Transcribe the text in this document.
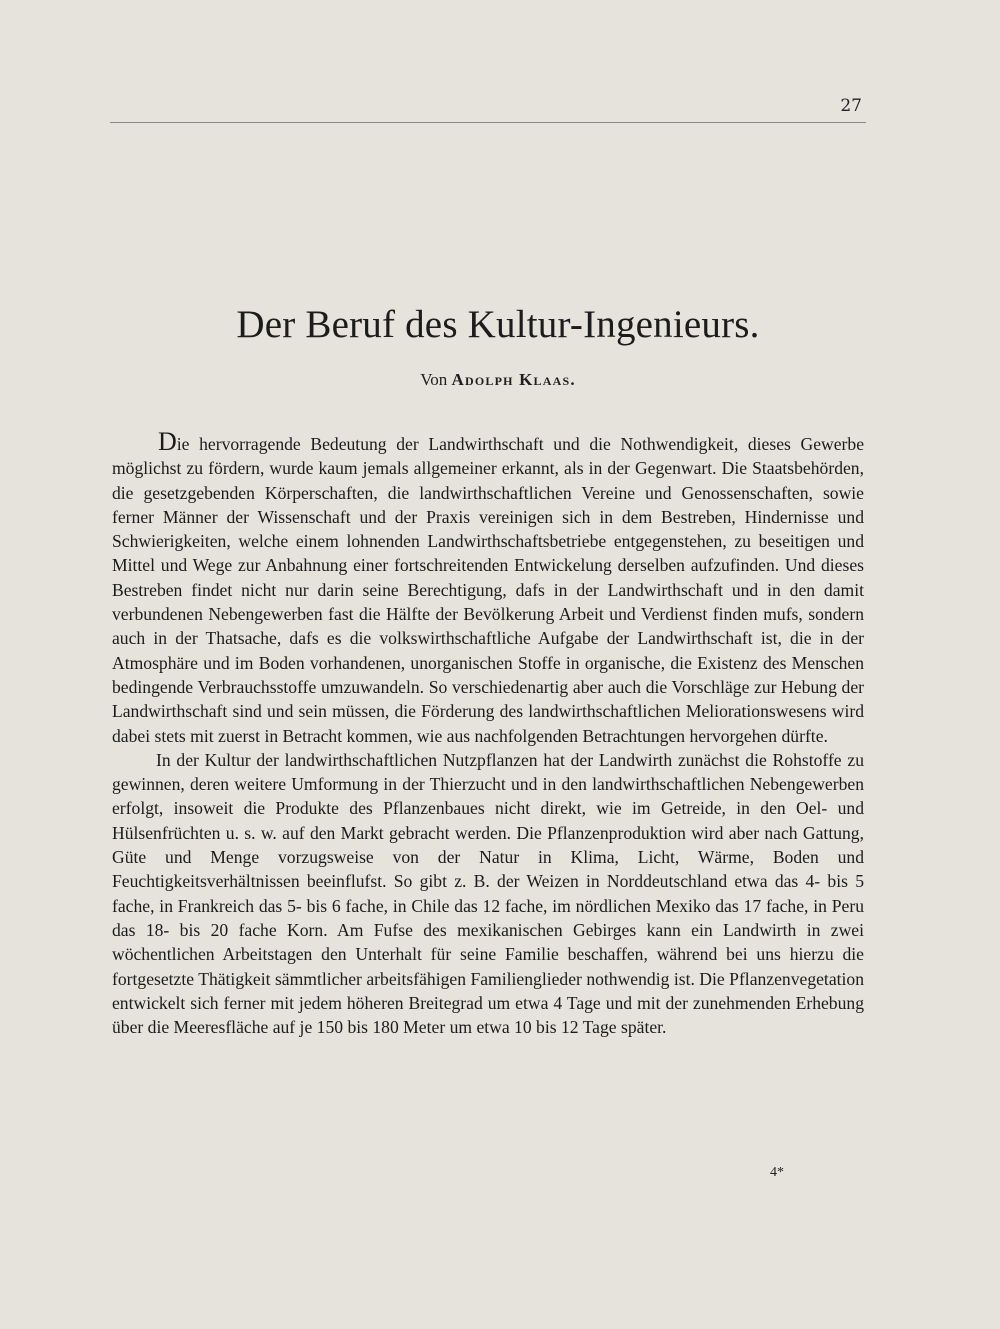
27
Der Beruf des Kultur-Ingenieurs.
Von Adolph Klaas.

Die hervorragende Bedeutung der Landwirthschaft und die Nothwendigkeit, dieses Gewerbe möglichst zu fördern, wurde kaum jemals allgemeiner erkannt, als in der Gegenwart. Die Staatsbehörden, die gesetzgebenden Körperschaften, die landwirthschaftlichen Vereine und Genossenschaften, sowie ferner Männer der Wissenschaft und der Praxis vereinigen sich in dem Bestreben, Hindernisse und Schwierigkeiten, welche einem lohnenden Landwirthschaftsbetriebe entgegenstehen, zu beseitigen und Mittel und Wege zur Anbahnung einer fortschreitenden Entwickelung derselben aufzufinden. Und dieses Bestreben findet nicht nur darin seine Berechtigung, dafs in der Landwirthschaft und in den damit verbundenen Nebengewerben fast die Hälfte der Bevölkerung Arbeit und Verdienst finden mufs, sondern auch in der Thatsache, dafs es die volkswirthschaftliche Aufgabe der Landwirthschaft ist, die in der Atmosphäre und im Boden vorhandenen, unorganischen Stoffe in organische, die Existenz des Menschen bedingende Verbrauchsstoffe umzuwandeln. So verschiedenartig aber auch die Vorschläge zur Hebung der Landwirthschaft sind und sein müssen, die Förderung des landwirthschaftlichen Meliorationswesens wird dabei stets mit zuerst in Betracht kommen, wie aus nachfolgenden Betrachtungen hervorgehen dürfte.

In der Kultur der landwirthschaftlichen Nutzpflanzen hat der Landwirth zunächst die Rohstoffe zu gewinnen, deren weitere Umformung in der Thierzucht und in den landwirthschaftlichen Nebengewerben erfolgt, insoweit die Produkte des Pflanzenbaues nicht direkt, wie im Getreide, in den Oel- und Hülsenfrüchten u. s. w. auf den Markt gebracht werden. Die Pflanzenproduktion wird aber nach Gattung, Güte und Menge vorzugsweise von der Natur in Klima, Licht, Wärme, Boden und Feuchtigkeitsverhältnissen beeinflufst. So gibt z. B. der Weizen in Norddeutschland etwa das 4- bis 5 fache, in Frankreich das 5- bis 6 fache, in Chile das 12 fache, im nördlichen Mexiko das 17 fache, in Peru das 18- bis 20 fache Korn. Am Fufse des mexikanischen Gebirges kann ein Landwirth in zwei wöchentlichen Arbeitstagen den Unterhalt für seine Familie beschaffen, während bei uns hierzu die fortgesetzte Thätigkeit sämmtlicher arbeitsfähigen Familienglieder nothwendig ist. Die Pflanzenvegetation entwickelt sich ferner mit jedem höheren Breitegrad um etwa 4 Tage und mit der zunehmenden Erhebung über die Meeresfläche auf je 150 bis 180 Meter um etwa 10 bis 12 Tage später.

4*
